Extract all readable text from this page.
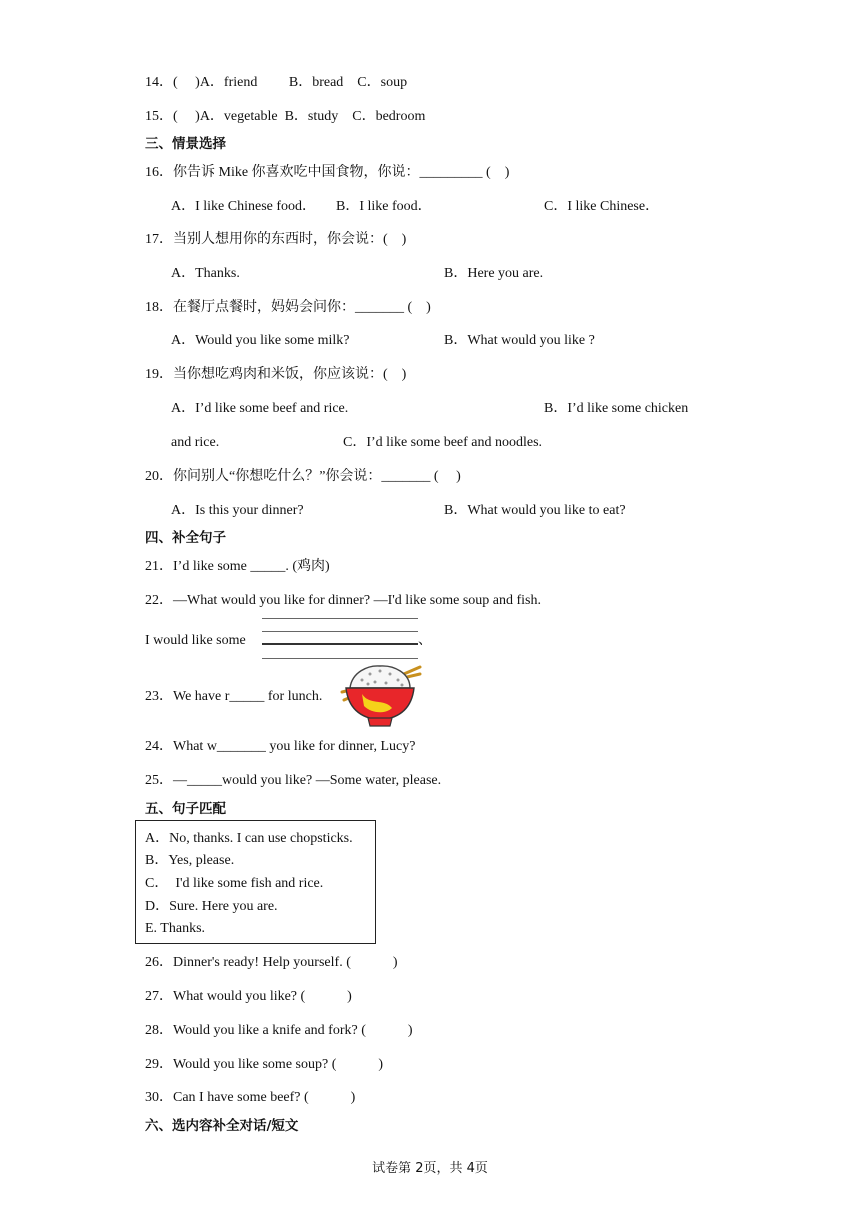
14．(　 )A．friend　　 B．bread　C．soup
15．(　 )A．vegetable  B．study　C．bedroom
三、情景选择
16．你告诉 Mike 你喜欢吃中国食物，你说：_________ (　)
A．I like Chinese food． B．I like food．	C．I like Chinese．
17．当别人想用你的东西时，你会说：(　)
A．Thanks.	B．Here you are.
18．在餐厅点餐时，妈妈会问你：_______ (　)
A．Would you like some milk?	B．What would you like ?
19．当你想吃鸡肉和米饭，你应该说：(　)
A．I’d like some beef and rice.	B．I’d like some chicken
and rice.	C．I’d like some beef and noodles.
20．你问别人“你想吃什么？”你会说：_______ (　 )
A．Is this your dinner?	B．What would you like to eat?
四、补全句子
21．I’d like some _____. (鸡肉)
22．—What would you like for dinner? —I'd like some soup and fish.
I would like some	、
23．We have r_____ for lunch.
24．What w_______ you like for dinner, Lucy?
25．—_____would you like? —Some water, please.
五、句子匹配
A．No, thanks. I can use chopsticks.
B．Yes, please.
C．　I'd like some fish and rice.
D．Sure. Here you are.
E. Thanks.
26．Dinner's ready! Help yourself. (　　　)
27．What would you like? (　　　)
28．Would you like a knife and fork? (　　　)
29．Would you like some soup? (　　　)
30．Can I have some beef? (　　　)
六、选内容补全对话/短文
试卷第 2页，共 4页
